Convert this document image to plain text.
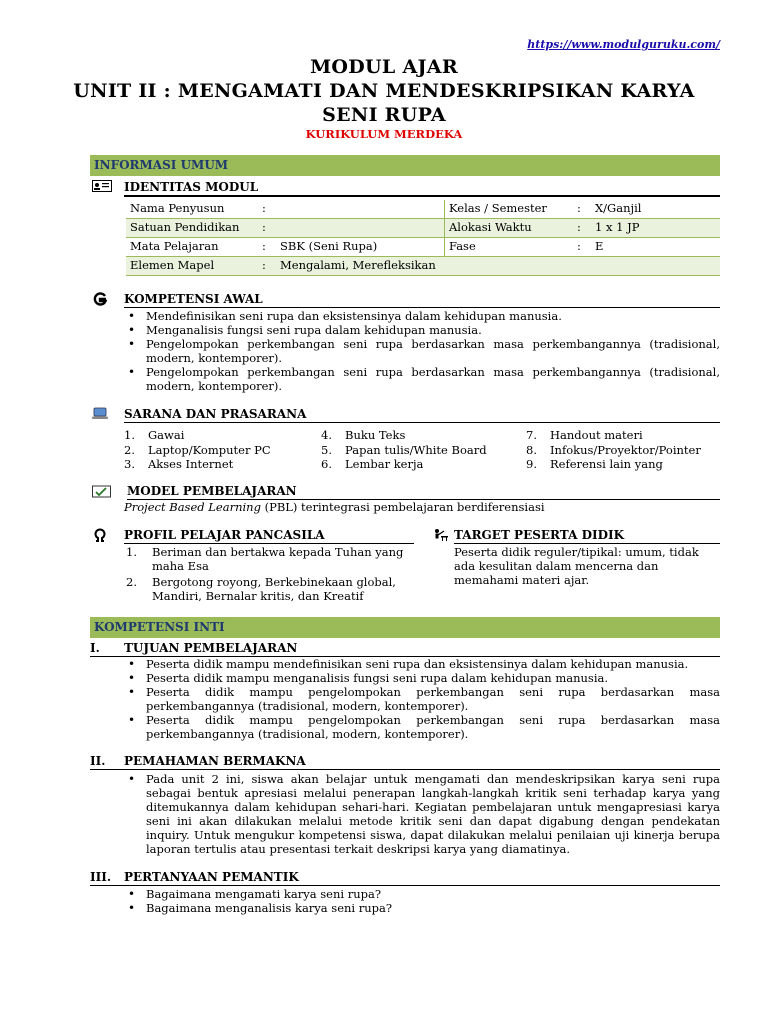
https://www.modulguruku.com/
MODUL AJAR
UNIT II : MENGAMATI DAN MENDESKRIPSIKAN KARYA
SENI RUPA
KURIKULUM MERDEKA
INFORMASI UMUM
IDENTITAS MODUL
Nama Penyusun	:		Kelas / Semester	:	X/Ganjil
Satuan Pendidikan	:		Alokasi Waktu	:	1 x 1 JP
Mata Pelajaran	:	SBK (Seni Rupa)	Fase	:	E
Elemen Mapel	:	Mengalami, Merefleksikan			
KOMPETENSI AWAL
• Mendefinisikan seni rupa dan eksistensinya dalam kehidupan manusia.
• Menganalisis fungsi seni rupa dalam kehidupan manusia.
• Pengelompokan perkembangan seni rupa berdasarkan masa perkembangannya (tradisional, modern, kontemporer).
• Pengelompokan perkembangan seni rupa berdasarkan masa perkembangannya (tradisional, modern, kontemporer).
SARANA DAN PRASARANA
1. Gawai
2. Laptop/Komputer PC
3. Akses Internet
4. Buku Teks
5. Papan tulis/White Board
6. Lembar kerja
7. Handout materi
8. Infokus/Proyektor/Pointer
9. Referensi lain yang
MODEL PEMBELAJARAN
Project Based Learning (PBL) terintegrasi pembelajaran berdiferensiasi
PROFIL PELAJAR PANCASILA
1.	Beriman dan bertakwa kepada Tuhan yang maha Esa
2.	Bergotong royong, Berkebinekaan global, Mandiri, Bernalar kritis, dan Kreatif
TARGET PESERTA DIDIK
Peserta didik reguler/tipikal: umum, tidak ada kesulitan dalam mencerna dan memahami materi ajar.
KOMPETENSI INTI
I.	TUJUAN PEMBELAJARAN
• Peserta didik mampu mendefinisikan seni rupa dan eksistensinya dalam kehidupan manusia.
• Peserta didik mampu menganalisis fungsi seni rupa dalam kehidupan manusia.
• Peserta didik mampu pengelompokan perkembangan seni rupa berdasarkan masa perkembangannya (tradisional, modern, kontemporer).
• Peserta didik mampu pengelompokan perkembangan seni rupa berdasarkan masa perkembangannya (tradisional, modern, kontemporer).
II.	PEMAHAMAN BERMAKNA
• Pada unit 2 ini, siswa akan belajar untuk mengamati dan mendeskripsikan karya seni rupa sebagai bentuk apresiasi melalui penerapan langkah-langkah kritik seni terhadap karya yang ditemukannya dalam kehidupan sehari-hari. Kegiatan pembelajaran untuk mengapresiasi karya seni ini akan dilakukan melalui metode kritik seni dan dapat digabung dengan pendekatan inquiry. Untuk mengukur kompetensi siswa, dapat dilakukan melalui penilaian uji kinerja berupa laporan tertulis atau presentasi terkait deskripsi karya yang diamatinya.
III.	PERTANYAAN PEMANTIK
• Bagaimana mengamati karya seni rupa?
• Bagaimana menganalisis karya seni rupa?
